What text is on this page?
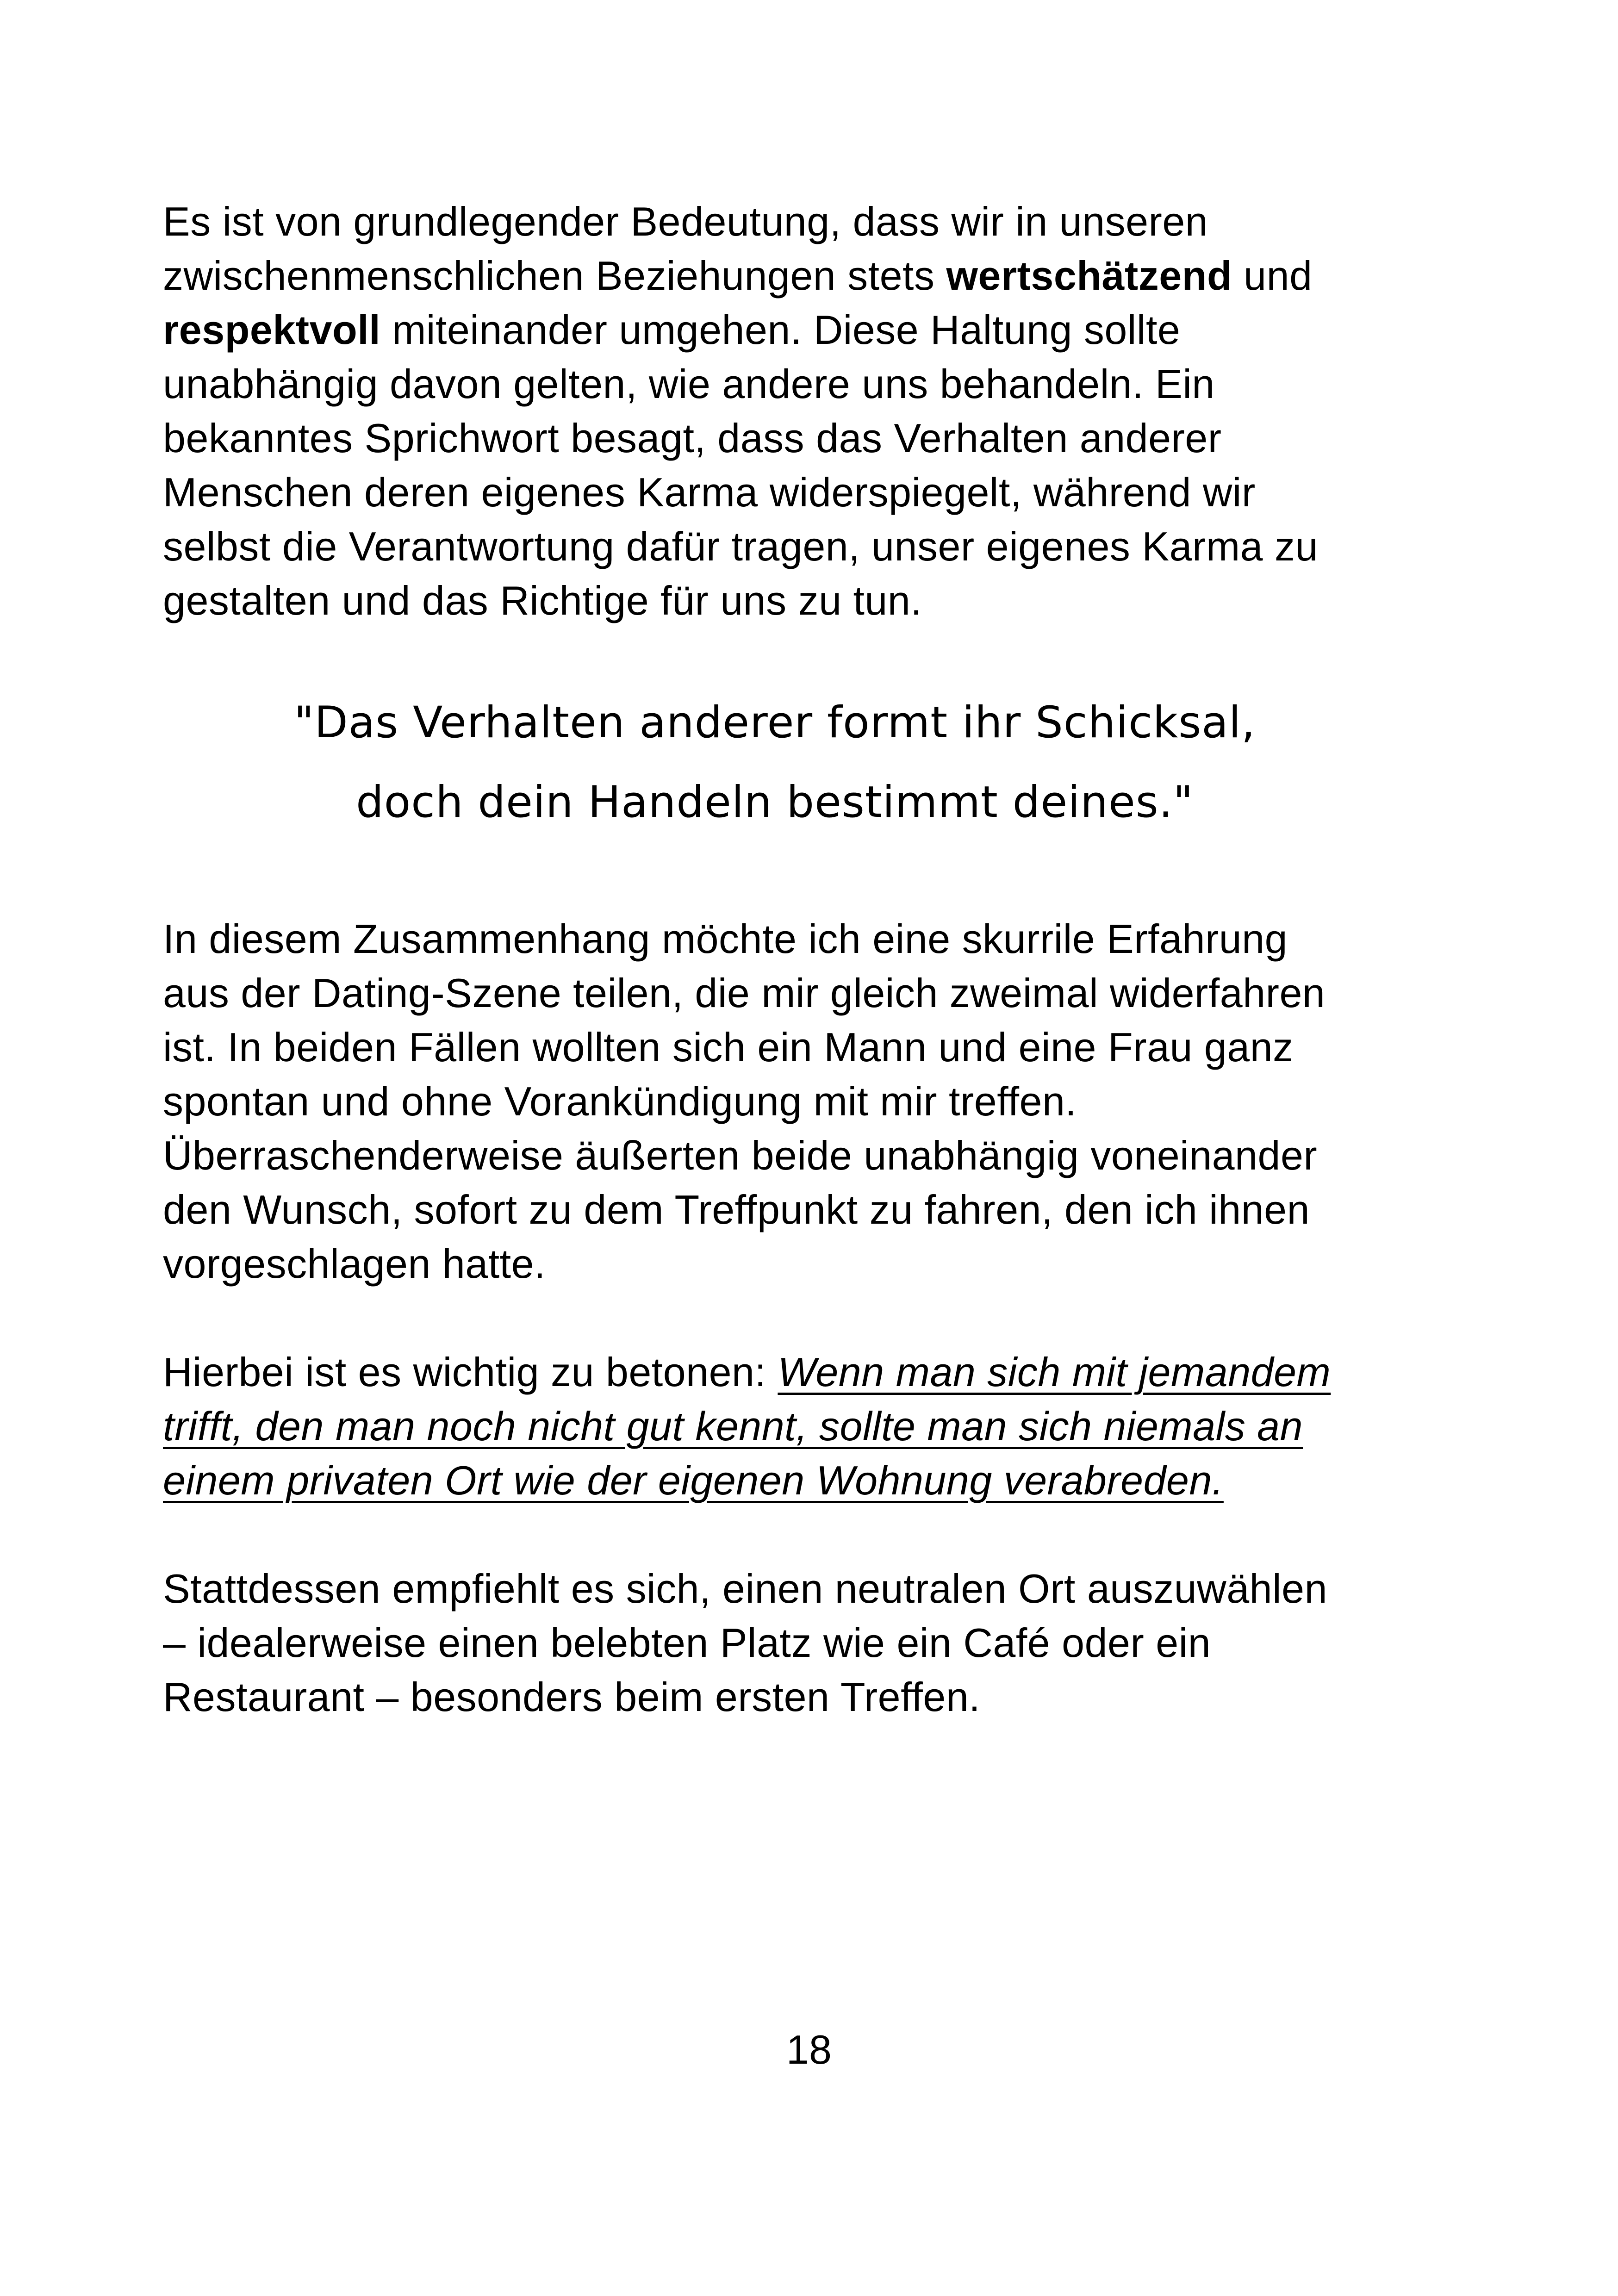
Es ist von grundlegender Bedeutung, dass wir in unseren zwischenmenschlichen Beziehungen stets wertschätzend und respektvoll miteinander umgehen. Diese Haltung sollte unabhängig davon gelten, wie andere uns behandeln. Ein bekanntes Sprichwort besagt, dass das Verhalten anderer Menschen deren eigenes Karma widerspiegelt, während wir selbst die Verantwortung dafür tragen, unser eigenes Karma zu gestalten und das Richtige für uns zu tun.

"Das Verhalten anderer formt ihr Schicksal,
doch dein Handeln bestimmt deines."

In diesem Zusammenhang möchte ich eine skurrile Erfahrung aus der Dating-Szene teilen, die mir gleich zweimal widerfahren ist. In beiden Fällen wollten sich ein Mann und eine Frau ganz spontan und ohne Vorankündigung mit mir treffen. Überraschenderweise äußerten beide unabhängig voneinander den Wunsch, sofort zu dem Treffpunkt zu fahren, den ich ihnen vorgeschlagen hatte.

Hierbei ist es wichtig zu betonen: Wenn man sich mit jemandem trifft, den man noch nicht gut kennt, sollte man sich niemals an einem privaten Ort wie der eigenen Wohnung verabreden.

Stattdessen empfiehlt es sich, einen neutralen Ort auszuwählen – idealerweise einen belebten Platz wie ein Café oder ein Restaurant – besonders beim ersten Treffen.

18
